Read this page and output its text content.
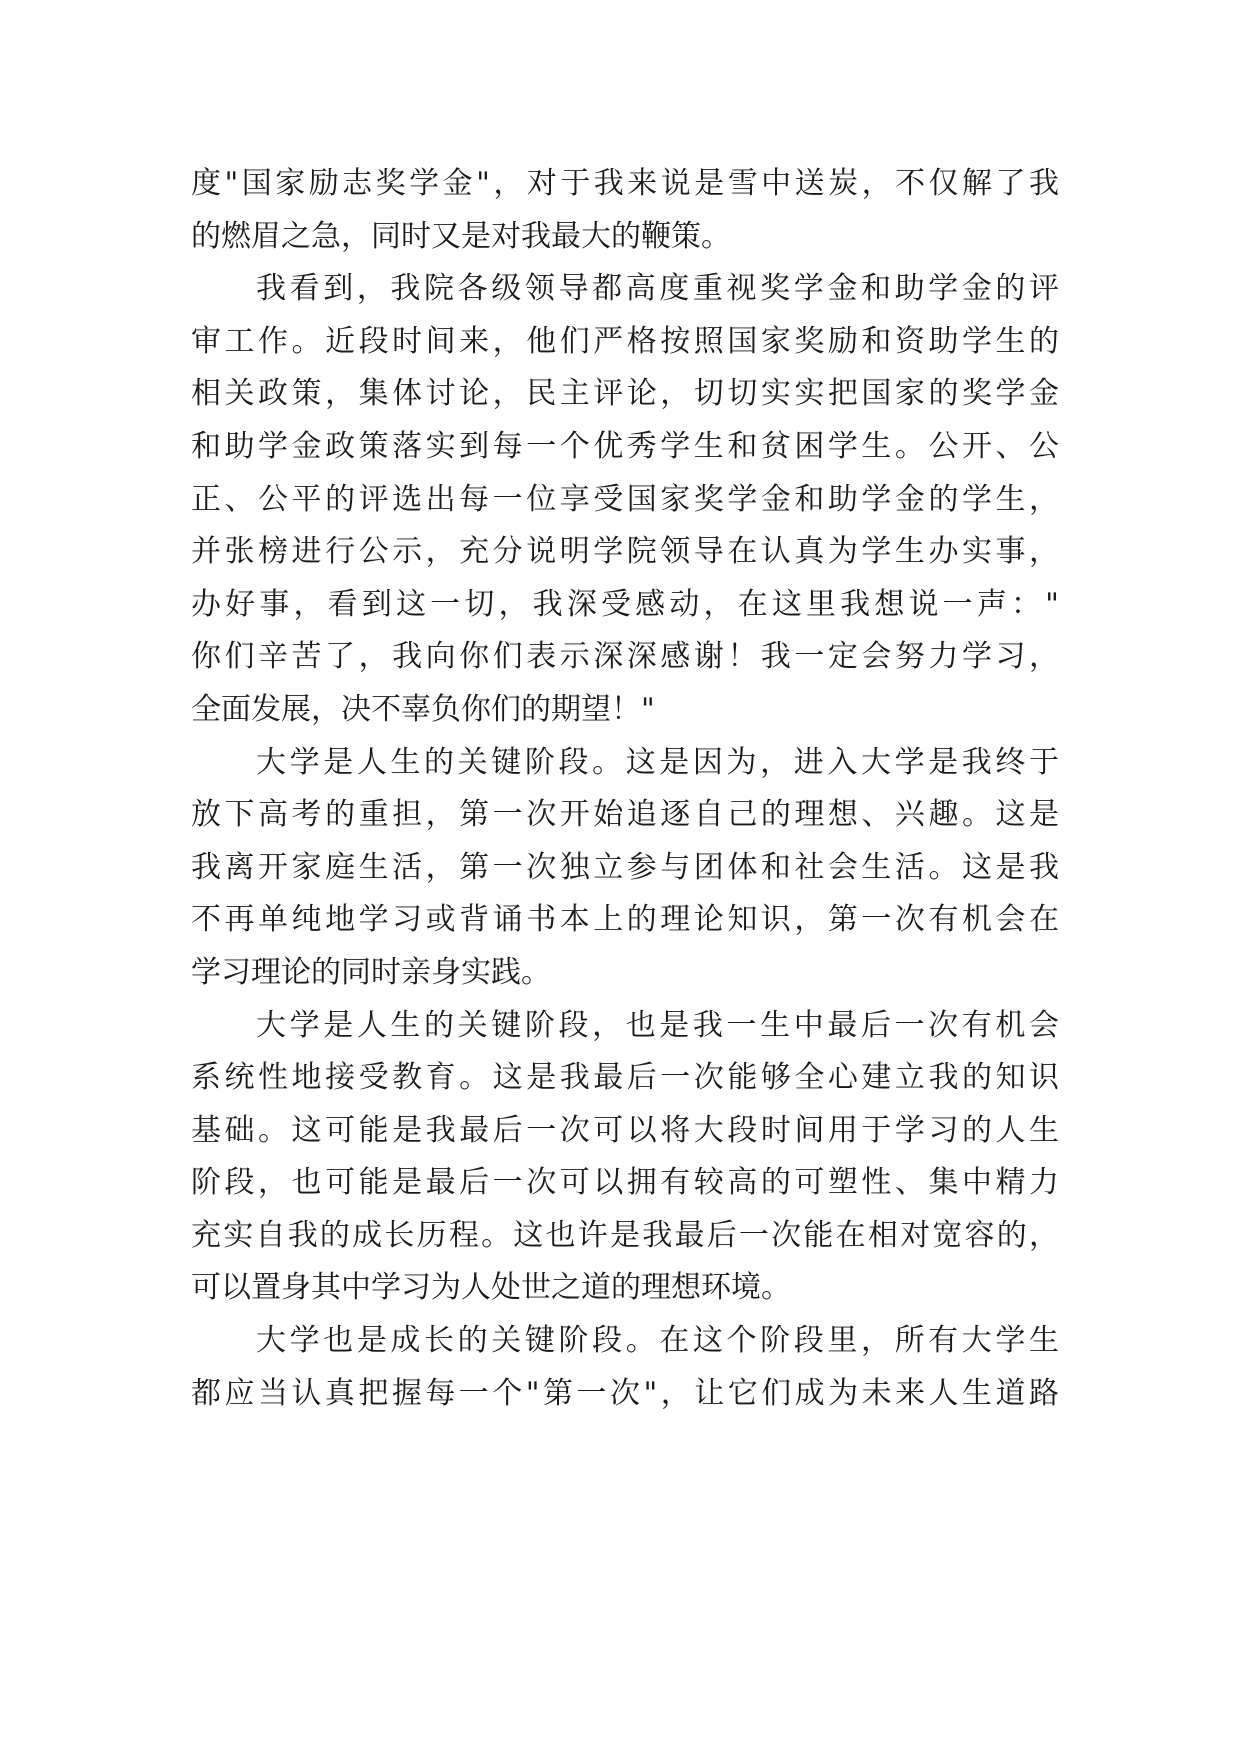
度"国家励志奖学金"，对于我来说是雪中送炭，不仅解了我
的燃眉之急，同时又是对我最大的鞭策。
我看到，我院各级领导都高度重视奖学金和助学金的评
审工作。近段时间来，他们严格按照国家奖励和资助学生的
相关政策，集体讨论，民主评论，切切实实把国家的奖学金
和助学金政策落实到每一个优秀学生和贫困学生。公开、公
正、公平的评选出每一位享受国家奖学金和助学金的学生，
并张榜进行公示，充分说明学院领导在认真为学生办实事，
办好事，看到这一切，我深受感动，在这里我想说一声："
你们辛苦了，我向你们表示深深感谢！我一定会努力学习，
全面发展，决不辜负你们的期望！"
大学是人生的关键阶段。这是因为，进入大学是我终于
放下高考的重担，第一次开始追逐自己的理想、兴趣。这是
我离开家庭生活，第一次独立参与团体和社会生活。这是我
不再单纯地学习或背诵书本上的理论知识，第一次有机会在
学习理论的同时亲身实践。
大学是人生的关键阶段，也是我一生中最后一次有机会
系统性地接受教育。这是我最后一次能够全心建立我的知识
基础。这可能是我最后一次可以将大段时间用于学习的人生
阶段，也可能是最后一次可以拥有较高的可塑性、集中精力
充实自我的成长历程。这也许是我最后一次能在相对宽容的，
可以置身其中学习为人处世之道的理想环境。
大学也是成长的关键阶段。在这个阶段里，所有大学生
都应当认真把握每一个"第一次"，让它们成为未来人生道路
